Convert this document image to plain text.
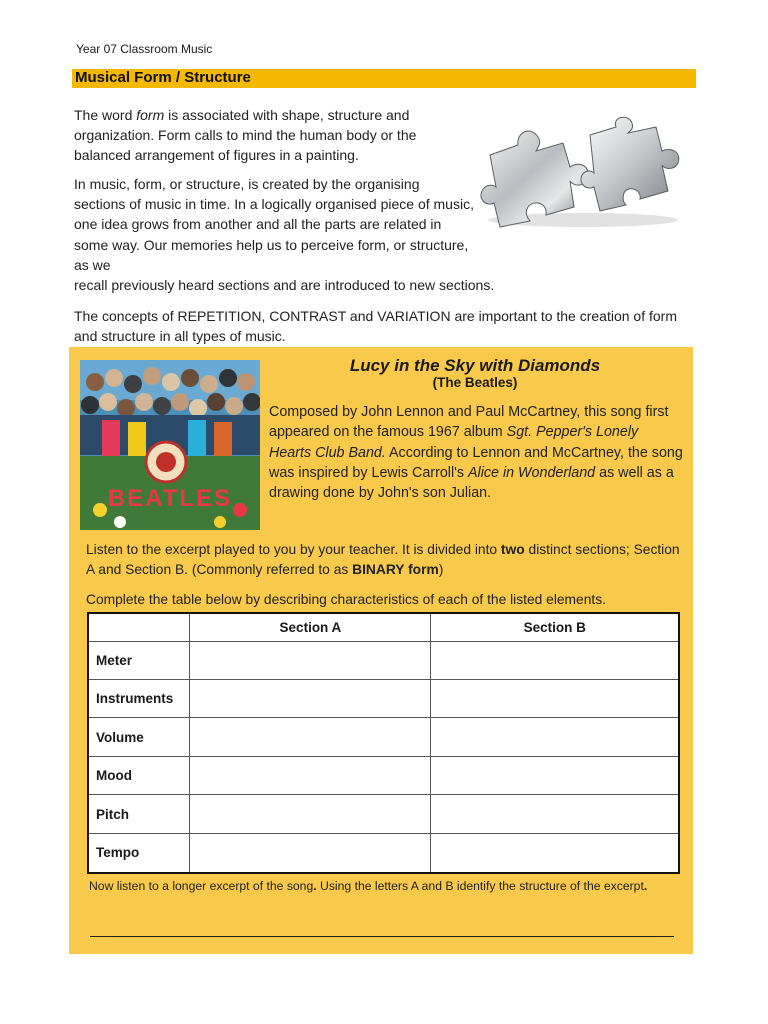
Year 07 Classroom Music
Musical Form / Structure
The word form is associated with shape, structure and organization. Form calls to mind the human body or the balanced arrangement of figures in a painting.
In music, form, or structure, is created by the organising sections of music in time. In a logically organised piece of music, one idea grows from another and all the parts are related in some way. Our memories help us to perceive form, or structure, as we
recall previously heard sections and are introduced to new sections.
The concepts of REPETITION, CONTRAST and VARIATION are important to the creation of form and structure in all types of music.
BEATLES
Lucy in the Sky with Diamonds
(The Beatles)
Composed by John Lennon and Paul McCartney, this song first appeared on the famous 1967 album Sgt. Pepper's Lonely Hearts Club Band. According to Lennon and McCartney, the song was inspired by Lewis Carroll's Alice in Wonderland as well as a drawing done by John's son Julian.
Listen to the excerpt played to you by your teacher. It is divided into two distinct sections; Section A and Section B. (Commonly referred to as BINARY form)
Complete the table below by describing characteristics of each of the listed elements.
	Section A	Section B
Meter		
Instruments		
Volume		
Mood		
Pitch		
Tempo		
Now listen to a longer excerpt of the song. Using the letters A and B identify the structure of the excerpt.
